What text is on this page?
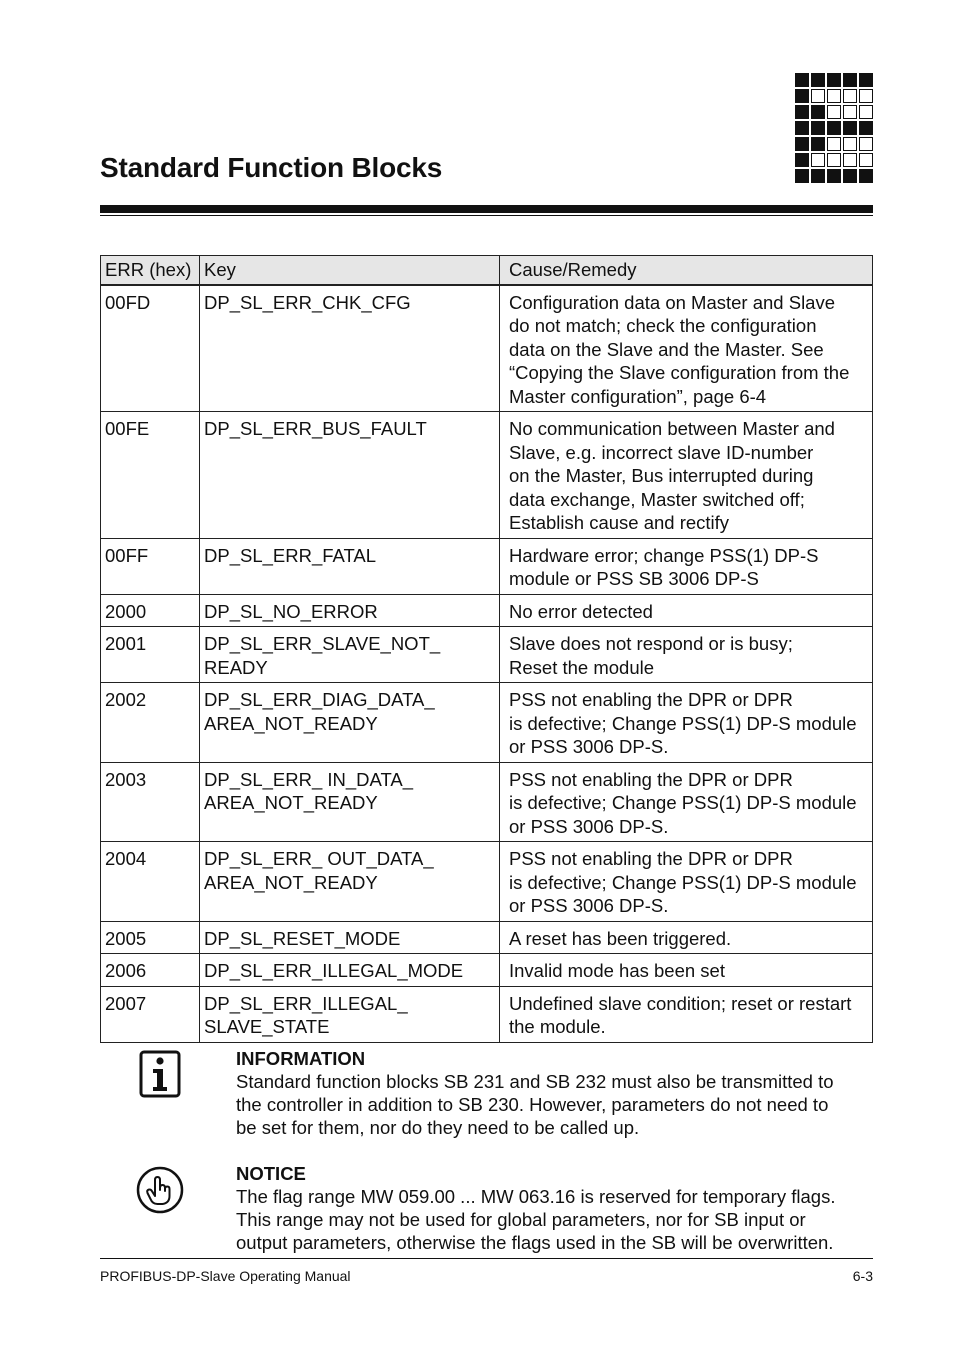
Standard Function Blocks
ERR (hex)	Key	Cause/Remedy
00FD	DP_SL_ERR_CHK_CFG	Configuration data on Master and Slave
do not match; check the configuration
data on the Slave and the Master. See
“Copying the Slave configuration from the
Master configuration”, page 6-4
00FE	DP_SL_ERR_BUS_FAULT	No communication between Master and
Slave, e.g. incorrect slave ID-number
on the Master, Bus interrupted during
data exchange, Master switched off;
Establish cause and rectify
00FF	DP_SL_ERR_FATAL	Hardware error; change PSS(1) DP-S
module or PSS SB 3006 DP-S
2000	DP_SL_NO_ERROR	No error detected
2001	DP_SL_ERR_SLAVE_NOT_
READY	Slave does not respond or is busy;
Reset the module
2002	DP_SL_ERR_DIAG_DATA_
AREA_NOT_READY	PSS not enabling the DPR or DPR
is defective; Change PSS(1) DP-S module
or PSS 3006 DP-S.
2003	DP_SL_ERR_ IN_DATA_
AREA_NOT_READY	PSS not enabling the DPR or DPR
is defective; Change PSS(1) DP-S module
or PSS 3006 DP-S.
2004	DP_SL_ERR_ OUT_DATA_
AREA_NOT_READY	PSS not enabling the DPR or DPR
is defective; Change PSS(1) DP-S module
or PSS 3006 DP-S.
2005	DP_SL_RESET_MODE	A reset has been triggered.
2006	DP_SL_ERR_ILLEGAL_MODE	Invalid mode has been set
2007	DP_SL_ERR_ILLEGAL_
SLAVE_STATE	Undefined slave condition; reset or restart
the module.
INFORMATION
Standard function blocks SB 231 and SB 232 must also be transmitted to
the controller in addition to SB 230. However, parameters do not need to
be set for them, nor do they need to be called up.
NOTICE
The flag range MW 059.00 ... MW 063.16 is reserved for temporary flags.
This range may not be used for global parameters, nor for SB input or
output parameters, otherwise the flags used in the SB will be overwritten.
PROFIBUS-DP-Slave Operating Manual	6-3
